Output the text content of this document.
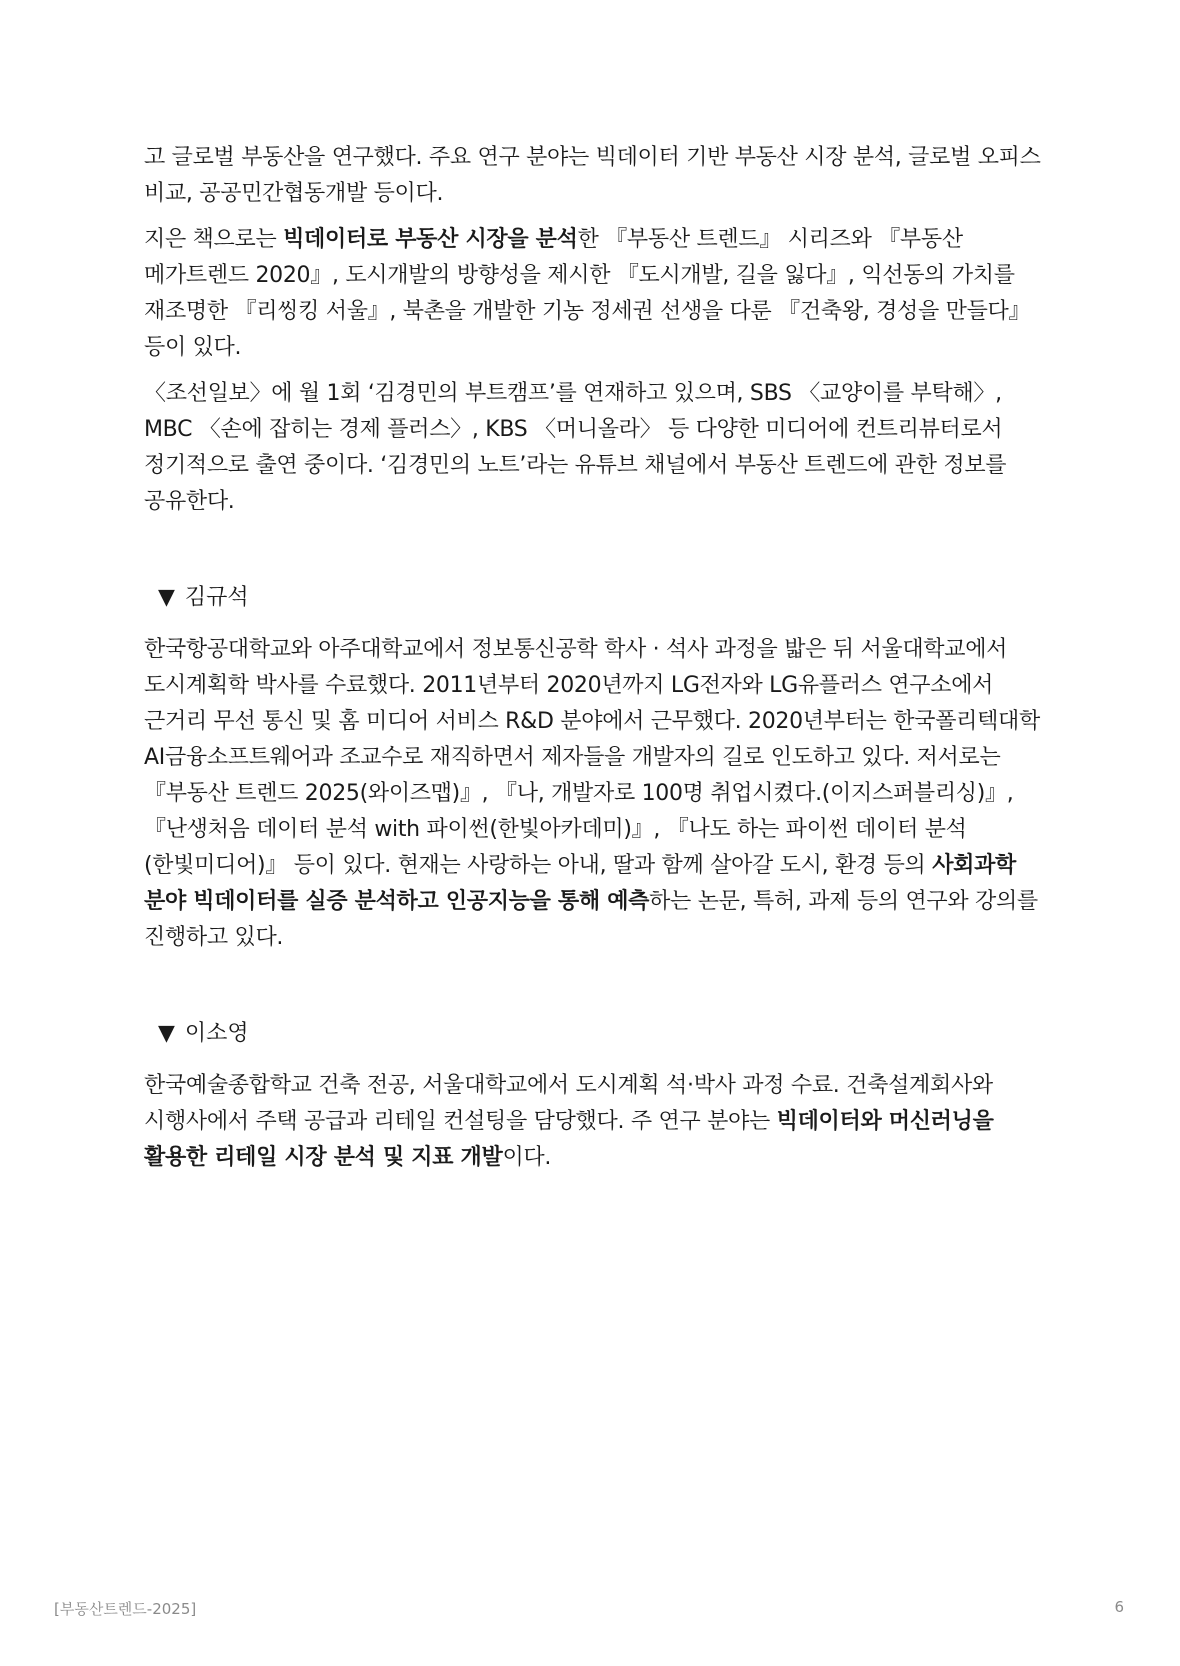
고 글로벌 부동산을 연구했다. 주요 연구 분야는 빅데이터 기반 부동산 시장 분석, 글로벌 오피스 비교, 공공민간협동개발 등이다.

지은 책으로는 빅데이터로 부동산 시장을 분석한 『부동산 트렌드』 시리즈와 『부동산 메가트렌드 2020』, 도시개발의 방향성을 제시한 『도시개발, 길을 잃다』, 익선동의 가치를 재조명한 『리씽킹 서울』, 북촌을 개발한 기농 정세권 선생을 다룬 『건축왕, 경성을 만들다』 등이 있다.

〈조선일보〉에 월 1회 ‘김경민의 부트캠프’를 연재하고 있으며, SBS 〈교양이를 부탁해〉, MBC 〈손에 잡히는 경제 플러스〉, KBS 〈머니올라〉 등 다양한 미디어에 컨트리뷰터로서 정기적으로 출연 중이다. ‘김경민의 노트’라는 유튜브 채널에서 부동산 트렌드에 관한 정보를 공유한다.

▼ 김규석

한국항공대학교와 아주대학교에서 정보통신공학 학사 · 석사 과정을 밟은 뒤 서울대학교에서 도시계획학 박사를 수료했다. 2011년부터 2020년까지 LG전자와 LG유플러스 연구소에서 근거리 무선 통신 및 홈 미디어 서비스 R&D 분야에서 근무했다. 2020년부터는 한국폴리텍대학 AI금융소프트웨어과 조교수로 재직하면서 제자들을 개발자의 길로 인도하고 있다. 저서로는 『부동산 트렌드 2025(와이즈맵)』, 『나, 개발자로 100명 취업시켰다.(이지스퍼블리싱)』, 『난생처음 데이터 분석 with 파이썬(한빛아카데미)』, 『나도 하는 파이썬 데이터 분석(한빛미디어)』 등이 있다. 현재는 사랑하는 아내, 딸과 함께 살아갈 도시, 환경 등의 사회과학 분야 빅데이터를 실증 분석하고 인공지능을 통해 예측하는 논문, 특허, 과제 등의 연구와 강의를 진행하고 있다.

▼ 이소영

한국예술종합학교 건축 전공, 서울대학교에서 도시계획 석·박사 과정 수료. 건축설계회사와 시행사에서 주택 공급과 리테일 컨설팅을 담당했다. 주 연구 분야는 빅데이터와 머신러닝을 활용한 리테일 시장 분석 및 지표 개발이다.

[부동산트렌드-2025]	6
